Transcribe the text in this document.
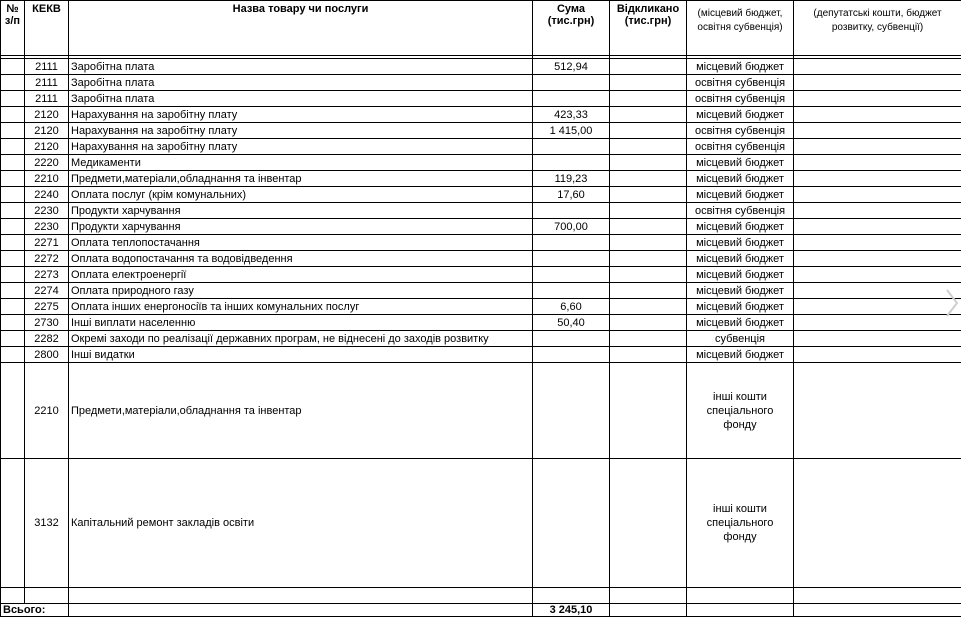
№ з/п	КЕКВ	Назва товару чи послуги	Сума (тис.грн)	Відкликано (тис.грн)	(місцевий бюджет, освітня субвенція)	(депутатські кошти, бюджет розвитку, субвенції)

	2111	Заробітна плата	512,94		місцевий бюджет	
	2111	Заробітна плата			освітня субвенція	
	2111	Заробітна плата			освітня субвенція	
	2120	Нарахування на заробітну плату	423,33		місцевий бюджет	
	2120	Нарахування на заробітну плату	1 415,00		освітня субвенція	
	2120	Нарахування на заробітну плату			освітня субвенція	
	2220	Медикаменти			місцевий бюджет	
	2210	Предмети,матеріали,обладнання та інвентар	119,23		місцевий бюджет	
	2240	Оплата послуг (крім комунальних)	17,60		місцевий бюджет	
	2230	Продукти харчування			освітня субвенція	
	2230	Продукти харчування	700,00		місцевий бюджет	
	2271	Оплата теплопостачання			місцевий бюджет	
	2272	Оплата водопостачання та водовідведення			місцевий бюджет	
	2273	Оплата електроенергії			місцевий бюджет	
	2274	Оплата природного газу			місцевий бюджет	
	2275	Оплата інших енергоносіїв та інших комунальних послуг	6,60		місцевий бюджет	
	2730	Інші виплати населенню	50,40		місцевий бюджет	
	2282	Окремі заходи по реалізації державних програм, не віднесені до заходів розвитку			субвенція	
	2800	Інші видатки			місцевий бюджет	
	2210	Предмети,матеріали,обладнання та інвентар			інші кошти спеціального фонду	
	3132	Капітальний ремонт закладів освіти			інші кошти спеціального фонду	

Всього:			3 245,10			
